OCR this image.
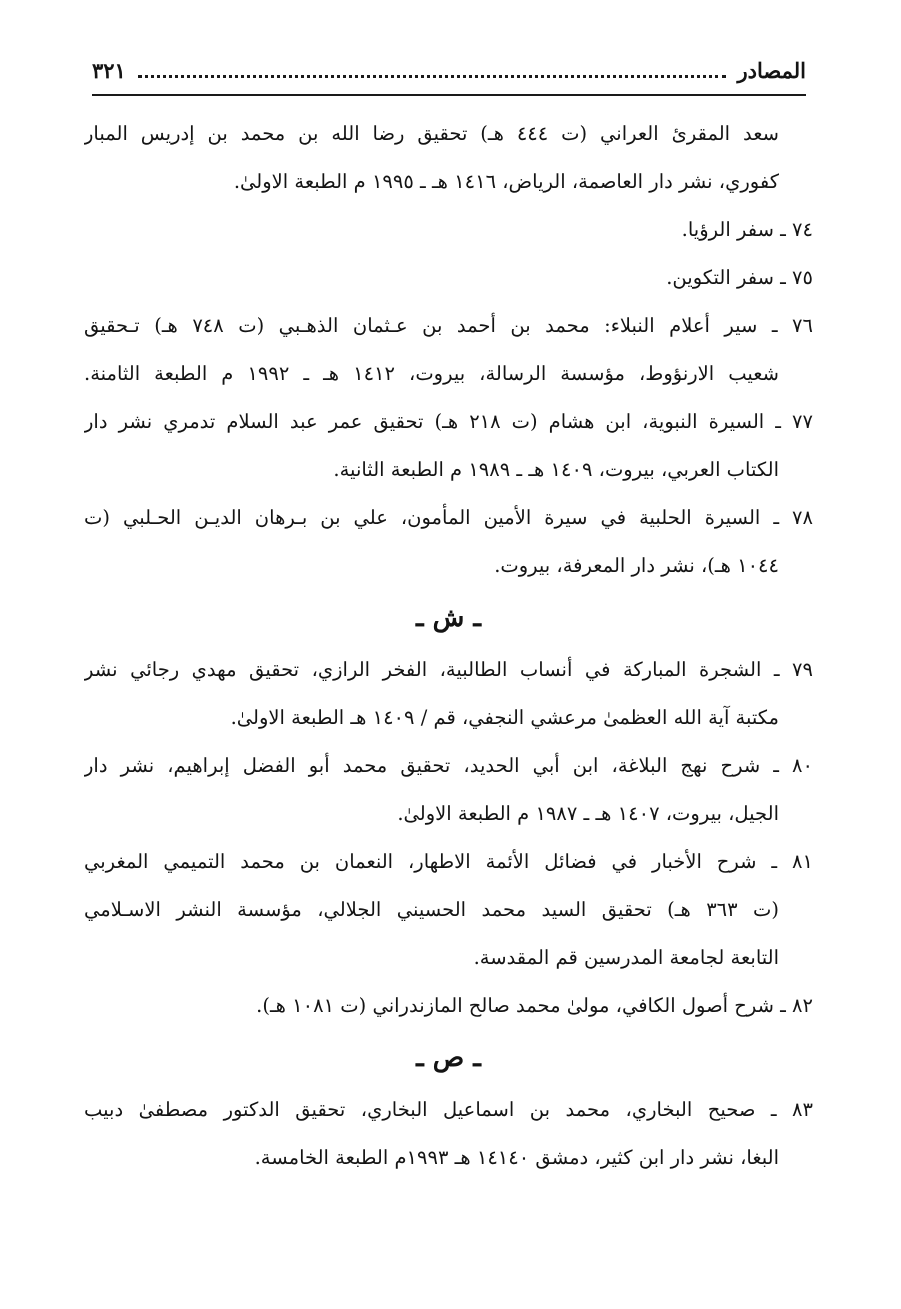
المصادر
٣٢١
سعد المقرئ العراني (ت ٤٤٤ هـ) تحقيق رضا الله بن محمد بن إدريس المبار
كفوري، نشر دار العاصمة، الرياض، ١٤١٦ هـ ـ ١٩٩٥ م الطبعة الاولىٰ.
٧٤ ـ سفر الرؤيا.
٧٥ ـ سفر التكوين.
٧٦ ـ سير أعلام النبلاء: محمد بن أحمد بن عـثمان الذهـبي (ت ٧٤٨ هـ) تـحقيق
شعيب الارنؤوط، مؤسسة الرسالة، بيروت، ١٤١٢ هـ ـ ١٩٩٢ م الطبعة الثامنة.
٧٧ ـ السيرة النبوية، ابن هشام (ت ٢١٨ هـ) تحقيق عمر عبد السلام تدمري نشر دار
الكتاب العربي، بيروت، ١٤٠٩ هـ ـ ١٩٨٩ م الطبعة الثانية.
٧٨ ـ السيرة الحلبية في سيرة الأمين المأمون، علي بن بـرهان الديـن الحـلبي (ت
١٠٤٤ هـ)، نشر دار المعرفة، بيروت.
ـ ش ـ
٧٩ ـ الشجرة المباركة في أنساب الطالبية، الفخر الرازي، تحقيق مهدي رجائي نشر
مكتبة آية الله العظمىٰ مرعشي النجفي، قم / ١٤٠٩ هـ الطبعة الاولىٰ.
٨٠ ـ شرح نهج البلاغة، ابن أبي الحديد، تحقيق محمد أبو الفضل إبراهيم، نشر دار
الجيل، بيروت، ١٤٠٧ هـ ـ ١٩٨٧ م الطبعة الاولىٰ.
٨١ ـ شرح الأخبار في فضائل الأئمة الاطهار، النعمان بن محمد التميمي المغربي
(ت ٣٦٣ هـ) تحقيق السيد محمد الحسيني الجلالي، مؤسسة النشر الاسـلامي
التابعة لجامعة المدرسين قم المقدسة.
٨٢ ـ شرح أصول الكافي، مولىٰ محمد صالح المازندراني (ت ١٠٨١ هـ).
ـ ص ـ
٨٣ ـ صحيح البخاري، محمد بن اسماعيل البخاري، تحقيق الدكتور مصطفىٰ دبيب
البغا، نشر دار ابن كثير، دمشق ١٤١٤٠ هـ ١٩٩٣م الطبعة الخامسة.
